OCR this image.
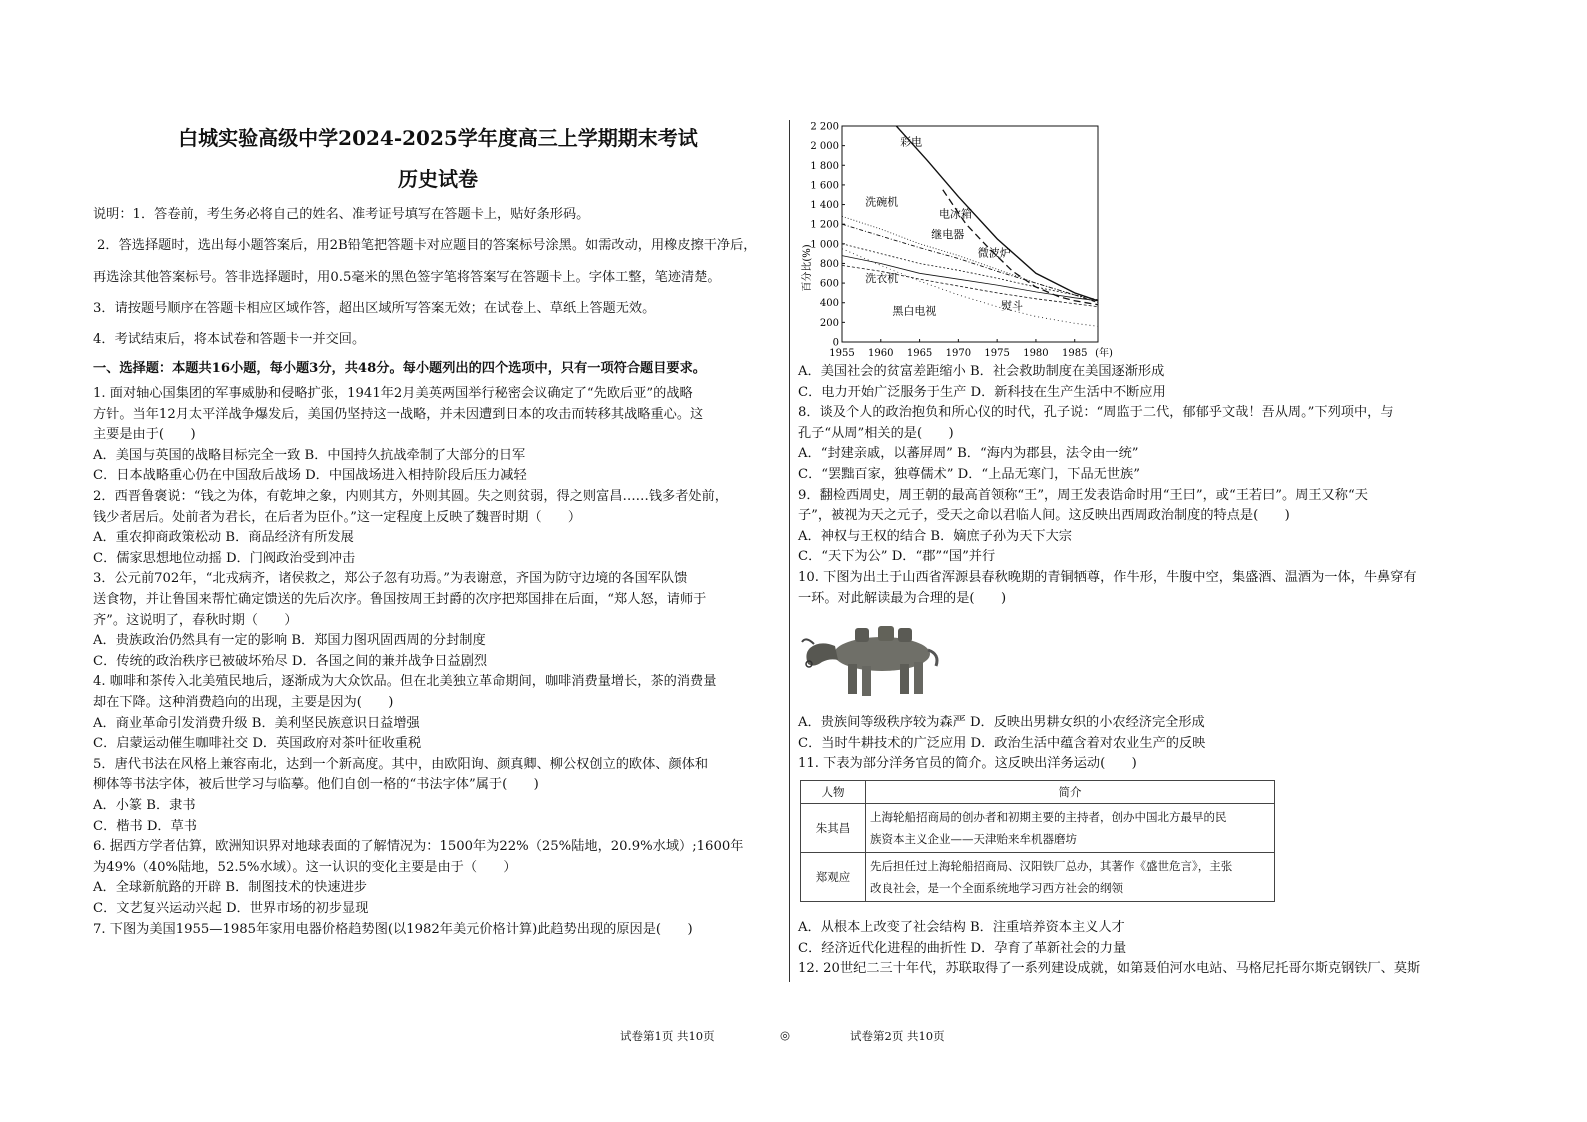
白城实验高级中学2024-2025学年度高三上学期期末考试
历史试卷
说明：1．答卷前，考生务必将自己的姓名、准考证号填写在答题卡上，贴好条形码。
2．答选择题时，选出每小题答案后，用2B铅笔把答题卡对应题目的答案标号涂黑。如需改动，用橡皮擦干净后，
再选涂其他答案标号。答非选择题时，用0.5毫米的黑色签字笔将答案写在答题卡上。字体工整，笔迹清楚。
3．请按题号顺序在答题卡相应区域作答，超出区域所写答案无效；在试卷上、草纸上答题无效。
4．考试结束后，将本试卷和答题卡一并交回。
一、选择题：本题共16小题，每小题3分，共48分。每小题列出的四个选项中，只有一项符合题目要求。
1. 面对轴心国集团的军事威胁和侵略扩张，1941年2月美英两国举行秘密会议确定了“先欧后亚”的战略
方针。当年12月太平洋战争爆发后，美国仍坚持这一战略，并未因遭到日本的攻击而转移其战略重心。这
主要是由于(　　)
A．美国与英国的战略目标完全一致 B．中国持久抗战牵制了大部分的日军
C．日本战略重心仍在中国敌后战场 D．中国战场进入相持阶段后压力减轻
2．西晋鲁褒说：“钱之为体，有乾坤之象，内则其方，外则其圆。失之则贫弱，得之则富昌……钱多者处前，
钱少者居后。处前者为君长，在后者为臣仆。”这一定程度上反映了魏晋时期（　　）
A．重农抑商政策松动 B．商品经济有所发展
C．儒家思想地位动摇 D．门阀政治受到冲击
3．公元前702年，“北戎病齐，诸侯救之，郑公子忽有功焉。”为表谢意，齐国为防守边境的各国军队馈
送食物，并让鲁国来帮忙确定馈送的先后次序。鲁国按周王封爵的次序把郑国排在后面，“郑人怒，请师于
齐”。这说明了，春秋时期（　　）
A．贵族政治仍然具有一定的影响 B．郑国力图巩固西周的分封制度
C．传统的政治秩序已被破坏殆尽 D．各国之间的兼并战争日益剧烈
4. 咖啡和茶传入北美殖民地后，逐渐成为大众饮品。但在北美独立革命期间，咖啡消费量增长，茶的消费量
却在下降。这种消费趋向的出现，主要是因为(　　)
A．商业革命引发消费升级 B．美利坚民族意识日益增强
C．启蒙运动催生咖啡社交 D．英国政府对茶叶征收重税
5．唐代书法在风格上兼容南北，达到一个新高度。其中，由欧阳询、颜真卿、柳公权创立的欧体、颜体和
柳体等书法字体，被后世学习与临摹。他们自创一格的“书法字体”属于(　　)
A．小篆 B．隶书
C．楷书 D．草书
6. 据西方学者估算，欧洲知识界对地球表面的了解情况为：1500年为22%（25%陆地，20.9%水域）;1600年
为49%（40%陆地，52.5%水域）。这一认识的变化主要是由于（　　）
A．全球新航路的开辟 B．制图技术的快速进步
C．文艺复兴运动兴起 D．世界市场的初步显现
7. 下图为美国1955—1985年家用电器价格趋势图(以1982年美元价格计算)此趋势出现的原因是(　　)
2 200
2 000
1 800
1 600
1 400
1 200
1 000
800
600
400
200
0
1955 1960 1965 1970 1975 1980 1985 (年)
百分比(%)
彩电
洗碗机
电冰箱
继电器
微波炉
洗衣机
熨斗
黑白电视
A．美国社会的贫富差距缩小 B．社会救助制度在美国逐渐形成
C．电力开始广泛服务于生产 D．新科技在生产生活中不断应用
8．谈及个人的政治抱负和所心仪的时代，孔子说：“周监于二代，郁郁乎文哉！吾从周。”下列项中，与
孔子“从周”相关的是(　　)
A．“封建亲戚，以蕃屏周” B．“海内为郡县，法令由一统”
C．“罢黜百家，独尊儒术” D．“上品无寒门，下品无世族”
9．翻检西周史，周王朝的最高首领称“王”，周王发表诰命时用“王曰”，或“王若曰”。周王又称“天
子”，被视为天之元子，受天之命以君临人间。这反映出西周政治制度的特点是(　　)
A．神权与王权的结合 B．嫡庶子孙为天下大宗
C．“天下为公” D．“郡”“国”并行
10. 下图为出土于山西省浑源县春秋晚期的青铜牺尊，作牛形，牛腹中空，集盛酒、温酒为一体，牛鼻穿有
一环。对此解读最为合理的是(　　)
A．贵族间等级秩序较为森严 D．反映出男耕女织的小农经济完全形成
C．当时牛耕技术的广泛应用 D．政治生活中蕴含着对农业生产的反映
11. 下表为部分洋务官员的简介。这反映出洋务运动(　　)
人物	简介
朱其昌	上海轮船招商局的创办者和初期主要的主持者，创办中国北方最早的民
族资本主义企业——天津贻来牟机器磨坊
郑观应	先后担任过上海轮船招商局、汉阳铁厂总办，其著作《盛世危言》，主张
改良社会，是一个全面系统地学习西方社会的纲领
A．从根本上改变了社会结构 B．注重培养资本主义人才
C．经济近代化进程的曲折性 D．孕育了革新社会的力量
12. 20世纪二三十年代，苏联取得了一系列建设成就，如第聂伯河水电站、马格尼托哥尔斯克钢铁厂、莫斯
试卷第1页 共10页	◎	试卷第2页 共10页
